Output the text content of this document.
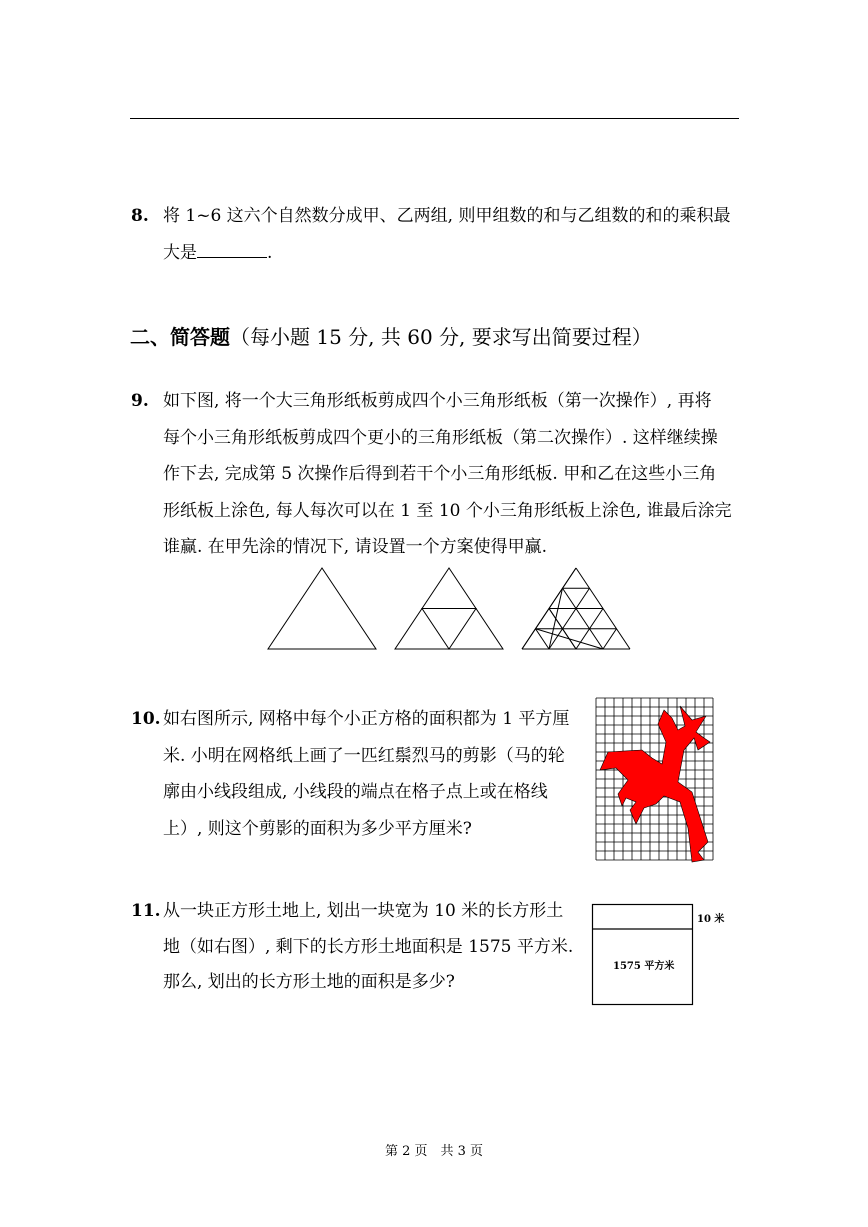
8. 将 1~6 这六个自然数分成甲、乙两组, 则甲组数的和与乙组数的和的乘积最
大是	.
二、简答题（每小题 15 分, 共 60 分, 要求写出简要过程）
9. 如下图, 将一个大三角形纸板剪成四个小三角形纸板（第一次操作）, 再将
每个小三角形纸板剪成四个更小的三角形纸板（第二次操作）. 这样继续操
作下去, 完成第 5 次操作后得到若干个小三角形纸板. 甲和乙在这些小三角
形纸板上涂色, 每人每次可以在 1 至 10 个小三角形纸板上涂色, 谁最后涂完
谁赢. 在甲先涂的情况下, 请设置一个方案使得甲赢.
10. 如右图所示, 网格中每个小正方格的面积都为 1 平方厘
米. 小明在网格纸上画了一匹红鬃烈马的剪影（马的轮
廓由小线段组成, 小线段的端点在格子点上或在格线
上）, 则这个剪影的面积为多少平方厘米?
11. 从一块正方形土地上, 划出一块宽为 10 米的长方形土
地（如右图）, 剩下的长方形土地面积是 1575 平方米.
那么, 划出的长方形土地的面积是多少?
10 米
1575 平方米
第 2 页　共 3 页
